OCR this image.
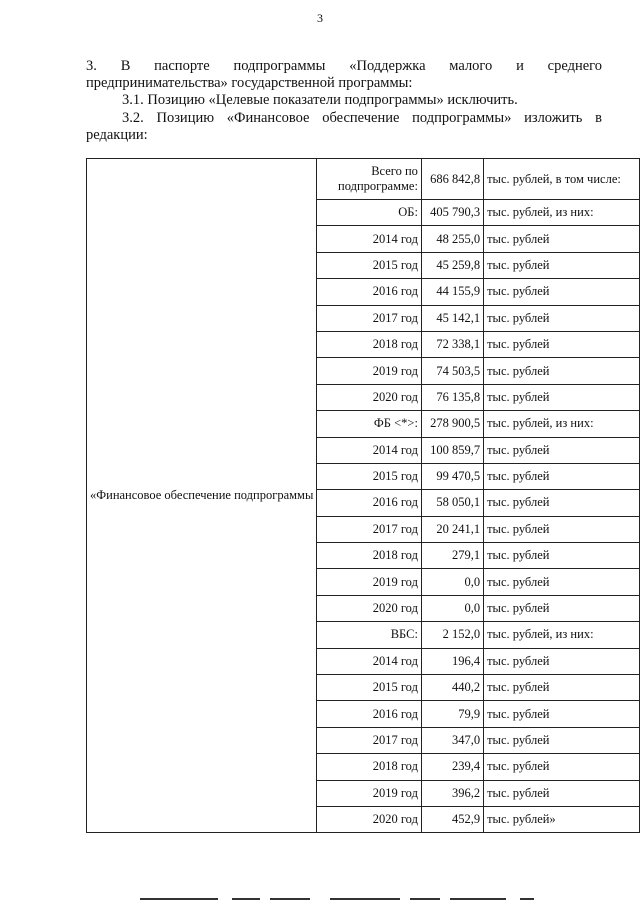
3
3. В паспорте подпрограммы «Поддержка малого и среднего
предпринимательства» государственной программы:
3.1. Позицию «Целевые показатели подпрограммы» исключить.
3.2. Позицию «Финансовое обеспечение подпрограммы» изложить в
редакции:
«Финансовое обеспечение подпрограммы	Всего по подпрограмме:	686 842,8	тыс. рублей, в том числе:
	ОБ:	405 790,3	тыс. рублей, из них:
	2014 год	48 255,0	тыс. рублей
	2015 год	45 259,8	тыс. рублей
	2016 год	44 155,9	тыс. рублей
	2017 год	45 142,1	тыс. рублей
	2018 год	72 338,1	тыс. рублей
	2019 год	74 503,5	тыс. рублей
	2020 год	76 135,8	тыс. рублей
	ФБ <*>:	278 900,5	тыс. рублей, из них:
	2014 год	100 859,7	тыс. рублей
	2015 год	99 470,5	тыс. рублей
	2016 год	58 050,1	тыс. рублей
	2017 год	20 241,1	тыс. рублей
	2018 год	279,1	тыс. рублей
	2019 год	0,0	тыс. рублей
	2020 год	0,0	тыс. рублей
	ВБС:	2 152,0	тыс. рублей, из них:
	2014 год	196,4	тыс. рублей
	2015 год	440,2	тыс. рублей
	2016 год	79,9	тыс. рублей
	2017 год	347,0	тыс. рублей
	2018 год	239,4	тыс. рублей
	2019 год	396,2	тыс. рублей
	2020 год	452,9	тыс. рублей»
